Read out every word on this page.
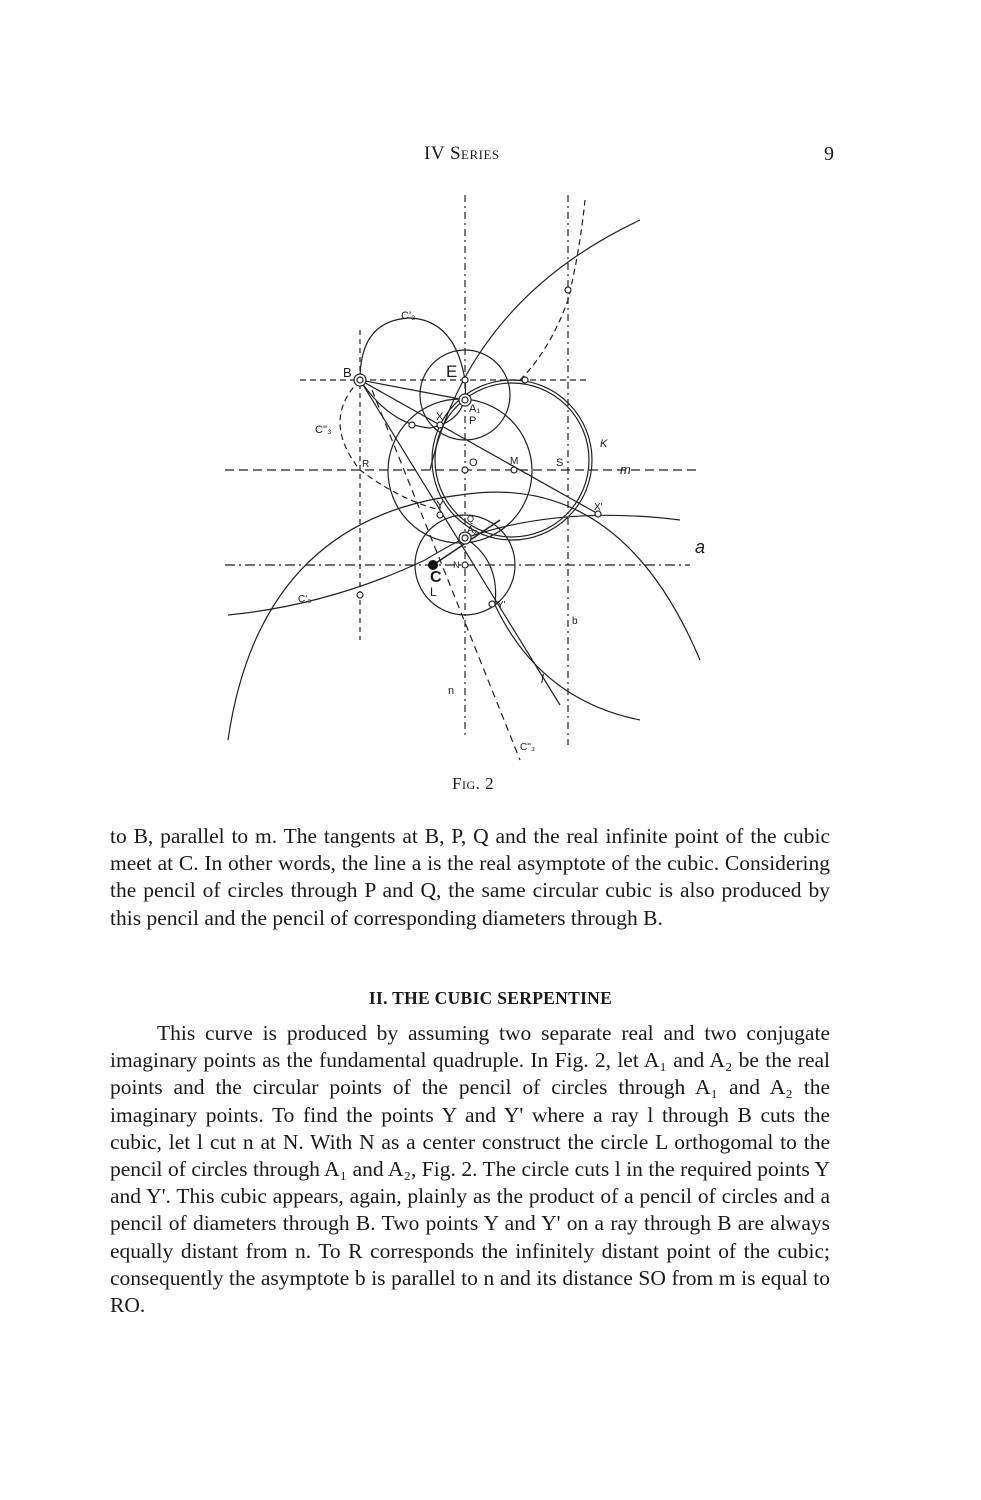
IV Series	9
B	E
A₁
P
X
O	M	S
R
K
m
X'
Y
Q
A₂
N
C
L
Y'
a
b
n
l
C'₃
C''₃
C'₃
C''₃
Fig. 2

to B, parallel to m. The tangents at B, P, Q and the real infinite point of the cubic meet at C. In other words, the line a is the real asymptote of the cubic. Considering the pencil of circles through P and Q, the same circular cubic is also produced by this pencil and the pencil of corresponding diameters through B.

II. THE CUBIC SERPENTINE

This curve is produced by assuming two separate real and two conjugate imaginary points as the fundamental quadruple. In Fig. 2, let A₁ and A₂ be the real points and the circular points of the pencil of circles through A₁ and A₂ the imaginary points. To find the points Y and Y' where a ray l through B cuts the cubic, let l cut n at N. With N as a center construct the circle L orthogomal to the pencil of circles through A₁ and A₂, Fig. 2. The circle cuts l in the required points Y and Y'. This cubic appears, again, plainly as the product of a pencil of circles and a pencil of diameters through B. Two points Y and Y' on a ray through B are always equally distant from n. To R corresponds the infinitely distant point of the cubic; consequently the asymptote b is parallel to n and its distance SO from m is equal to RO.
